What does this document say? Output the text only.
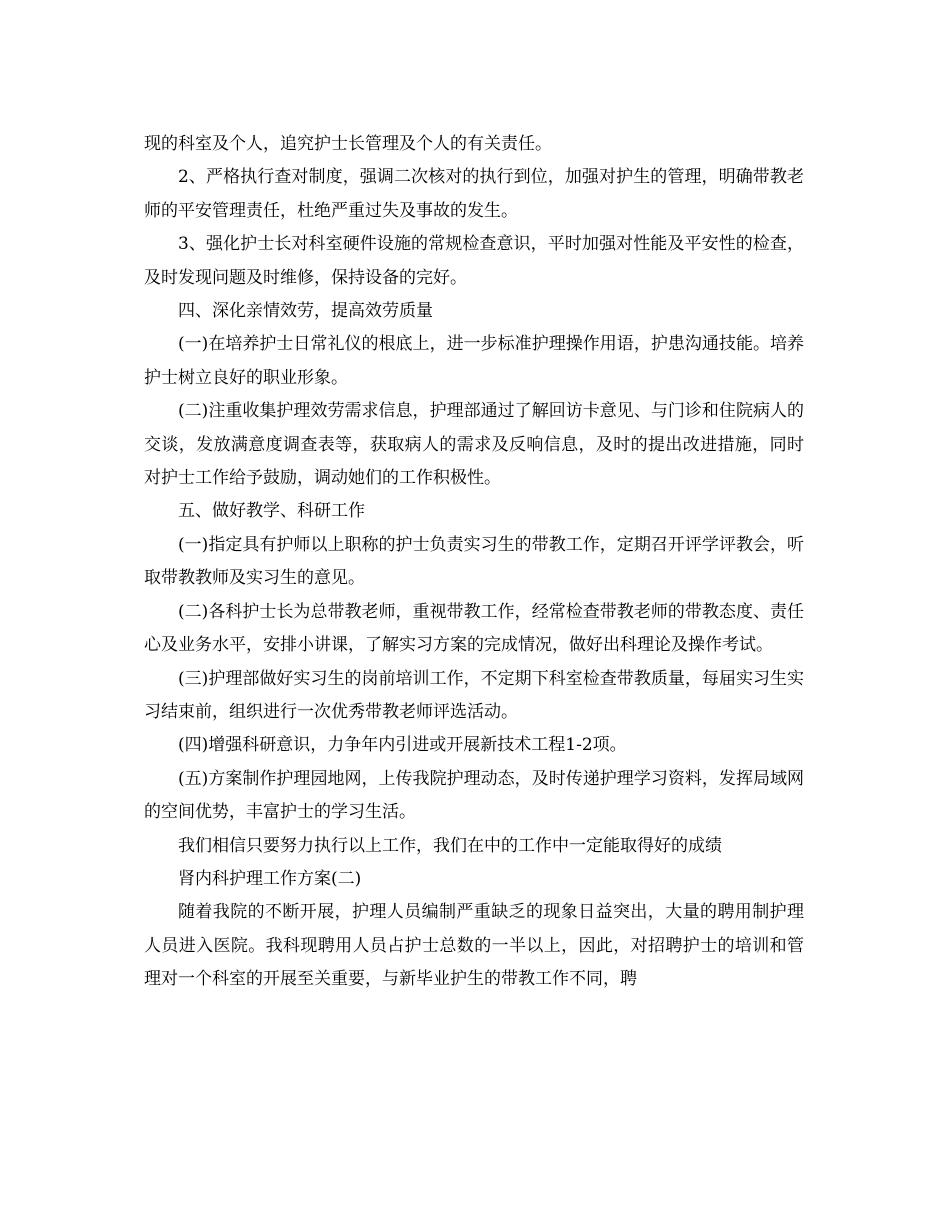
现的科室及个人，追究护士长管理及个人的有关责任。

2、严格执行查对制度，强调二次核对的执行到位，加强对护生的管理，明确带教老师的平安管理责任，杜绝严重过失及事故的发生。

3、强化护士长对科室硬件设施的常规检查意识，平时加强对性能及平安性的检查，及时发现问题及时维修，保持设备的完好。

四、深化亲情效劳，提高效劳质量

(一)在培养护士日常礼仪的根底上，进一步标准护理操作用语，护患沟通技能。培养护士树立良好的职业形象。

(二)注重收集护理效劳需求信息，护理部通过了解回访卡意见、与门诊和住院病人的交谈，发放满意度调查表等，获取病人的需求及反响信息，及时的提出改进措施，同时对护士工作给予鼓励，调动她们的工作积极性。

五、做好教学、科研工作

(一)指定具有护师以上职称的护士负责实习生的带教工作，定期召开评学评教会，听取带教教师及实习生的意见。

(二)各科护士长为总带教老师，重视带教工作，经常检查带教老师的带教态度、责任心及业务水平，安排小讲课，了解实习方案的完成情况，做好出科理论及操作考试。

(三)护理部做好实习生的岗前培训工作，不定期下科室检查带教质量，每届实习生实习结束前，组织进行一次优秀带教老师评选活动。

(四)增强科研意识，力争年内引进或开展新技术工程1-2项。

(五)方案制作护理园地网，上传我院护理动态，及时传递护理学习资料，发挥局域网的空间优势，丰富护士的学习生活。

我们相信只要努力执行以上工作，我们在中的工作中一定能取得好的成绩

肾内科护理工作方案(二)

随着我院的不断开展，护理人员编制严重缺乏的现象日益突出，大量的聘用制护理人员进入医院。我科现聘用人员占护士总数的一半以上，因此，对招聘护士的培训和管理对一个科室的开展至关重要，与新毕业护生的带教工作不同，聘
